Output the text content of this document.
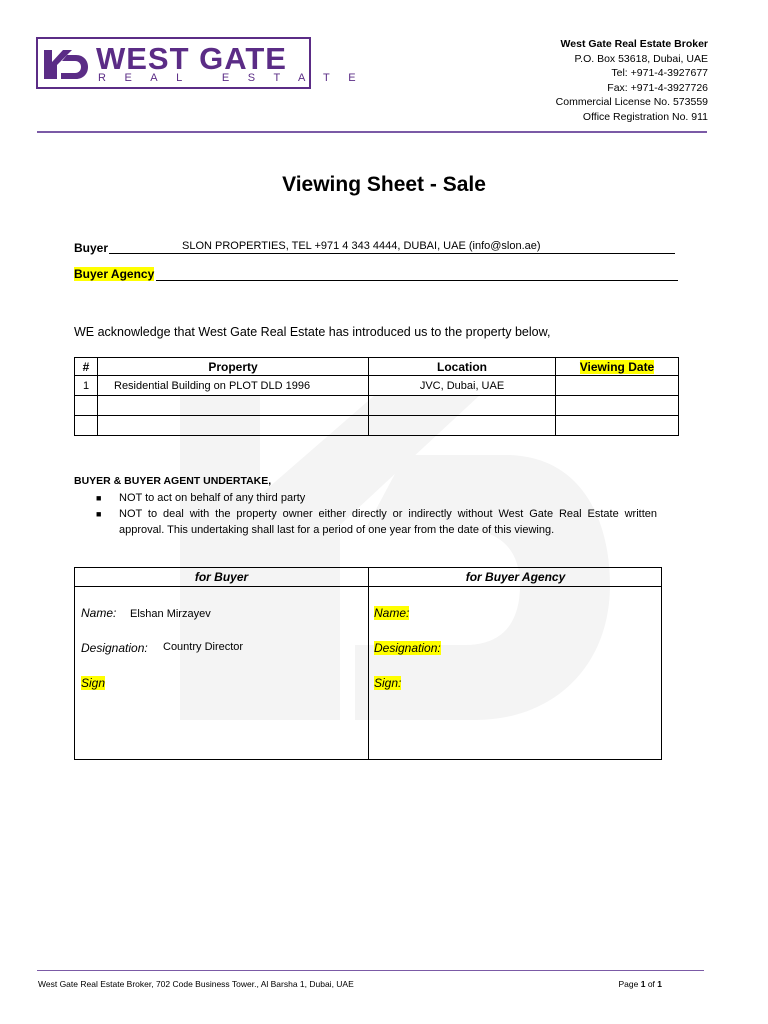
WEST GATE
REAL ESTATE
West Gate Real Estate Broker
P.O. Box 53618, Dubai, UAE
Tel: +971-4-3927677
Fax: +971-4-3927726
Commercial License No. 573559
Office Registration No. 911
Viewing Sheet - Sale
Buyer	SLON PROPERTIES, TEL +971 4 343 4444, DUBAI, UAE (info@slon.ae)
Buyer Agency
WE acknowledge that West Gate Real Estate has introduced us to the property below,
#	Property	Location	Viewing Date
1	Residential Building on PLOT DLD 1996	JVC, Dubai, UAE	

BUYER & BUYER AGENT UNDERTAKE,
■ NOT to act on behalf of any third party
■ NOT to deal with the property owner either directly or indirectly without West Gate Real Estate written approval. This undertaking shall last for a period of one year from the date of this viewing.
for Buyer	for Buyer Agency
Name: Elshan Mirzayev
Designation: Country Director
Sign
Name:
Designation:
Sign:
West Gate Real Estate Broker, 702 Code Business Tower., Al Barsha 1, Dubai, UAE	Page 1 of 1
